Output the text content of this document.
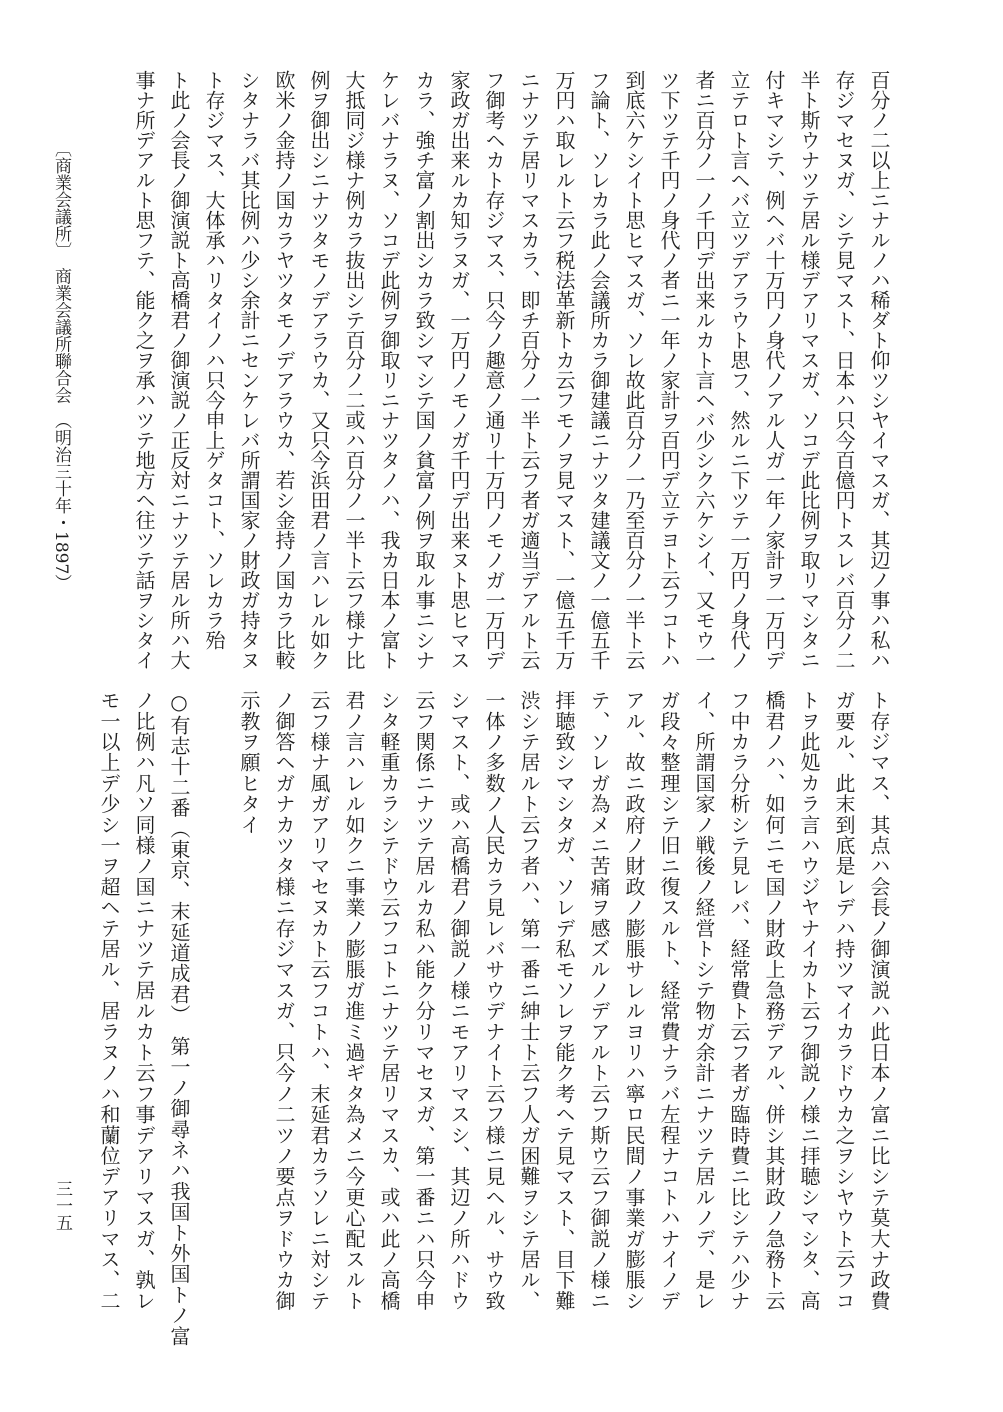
百分ノ二以上ニナルノハ稀ダト仰ツシヤイマスガ、其辺ノ事ハ私ハ
存ジマセヌガ、シテ見マスト、日本ハ只今百億円トスレバ百分ノ二
半ト斯ウナツテ居ル様デアリマスガ、ソコデ此比例ヲ取リマシタニ
付キマシテ、例ヘバ十万円ノ身代ノアル人ガ一年ノ家計ヲ一万円デ
立テロト言ヘバ立ツデアラウト思フ、然ルニ下ツテ一万円ノ身代ノ
者ニ百分ノ一ノ千円デ出来ルカト言ヘバ少シク六ケシイ、又モウ一
ツ下ツテ千円ノ身代ノ者ニ一年ノ家計ヲ百円デ立テヨト云フコトハ
到底六ケシイト思ヒマスガ、ソレ故此百分ノ一乃至百分ノ一半ト云
フ論ト、ソレカラ此ノ会議所カラ御建議ニナツタ建議文ノ一億五千
万円ハ取レルト云フ税法革新トカ云フモノヲ見マスト、一億五千万
ニナツテ居リマスカラ、即チ百分ノ一半ト云フ者ガ適当デアルト云
フ御考ヘカト存ジマス、只今ノ趣意ノ通リ十万円ノモノガ一万円デ
家政ガ出来ルカ知ラヌガ、一万円ノモノガ千円デ出来ヌト思ヒマス
カラ、強チ富ノ割出シカラ致シマシテ国ノ貧富ノ例ヲ取ル事ニシナ
ケレバナラヌ、ソコデ此例ヲ御取リニナツタノハ、我カ日本ノ富ト
大抵同ジ様ナ例カラ抜出シテ百分ノ二或ハ百分ノ一半ト云フ様ナ比
例ヲ御出シニナツタモノデアラウカ、又只今浜田君ノ言ハレル如ク
欧米ノ金持ノ国カラヤツタモノデアラウカ、若シ金持ノ国カラ比較
シタナラバ其比例ハ少シ余計ニセンケレバ所謂国家ノ財政ガ持タヌ
ト存ジマス、大体承ハリタイノハ只今申上ゲタコト、ソレカラ殆
ト此ノ会長ノ御演説ト高橋君ノ御演説ノ正反対ニナツテ居ル所ハ大
事ナ所デアルト思フテ、能ク之ヲ承ハツテ地方ヘ往ツテ話ヲシタイ
ト存ジマス、其点ハ会長ノ御演説ハ此日本ノ富ニ比シテ莫大ナ政費
ガ要ル、此末到底是レデハ持ツマイカラドウカ之ヲシヤウト云フコ
トヲ此処カラ言ハウジヤナイカト云フ御説ノ様ニ拝聴シマシタ、高
橋君ノハ、如何ニモ国ノ財政上急務デアル、併シ其財政ノ急務ト云
フ中カラ分析シテ見レバ、経常費ト云フ者ガ臨時費ニ比シテハ少ナ
イ、所謂国家ノ戦後ノ経営トシテ物ガ余計ニナツテ居ルノデ、是レ
ガ段々整理シテ旧ニ復スルト、経常費ナラバ左程ナコトハナイノデ
アル、故ニ政府ノ財政ノ膨脹サレルヨリハ寧ロ民間ノ事業ガ膨脹シ
テ、ソレガ為メニ苦痛ヲ感ズルノデアルト云フ斯ウ云フ御説ノ様ニ
拝聴致シマシタガ、ソレデ私モソレヲ能ク考ヘテ見マスト、目下難
渋シテ居ルト云フ者ハ、第一番ニ紳士ト云フ人ガ困難ヲシテ居ル、
一体ノ多数ノ人民カラ見レバサウデナイト云フ様ニ見ヘル、サウ致
シマスト、或ハ高橋君ノ御説ノ様ニモアリマスシ、其辺ノ所ハドウ
云フ関係ニナツテ居ルカ私ハ能ク分リマセヌガ、第一番ニハ只今申
シタ軽重カラシテドウ云フコトニナツテ居リマスカ、或ハ此ノ高橋
君ノ言ハレル如クニ事業ノ膨脹ガ進ミ過ギタ為メニ今更心配スルト
云フ様ナ風ガアリマセヌカト云フコトハ、末延君カラソレニ対シテ
ノ御答ヘガナカツタ様ニ存ジマスガ、只今ノ二ツノ要点ヲドウカ御
示教ヲ願ヒタイ
○有志十二番（東京、末延道成君）　第一ノ御尋ネハ我国ト外国トノ富
ノ比例ハ凡ソ同様ノ国ニナツテ居ルカト云フ事デアリマスガ、孰レ
モ一以上デ少シ一ヲ超ヘテ居ル、居ラヌノハ和蘭位デアリマス、二
〔商業会議所〕　商業会議所聯合会　（明治三十年・1897）
三一五
